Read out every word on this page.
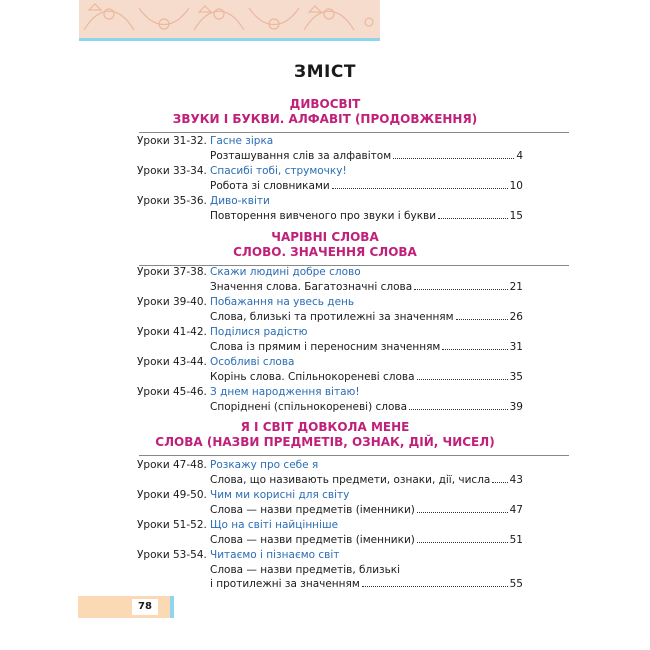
ЗМІСТ
ДИВОСВІТ
ЗВУКИ І БУКВИ. АЛФАВІТ (ПРОДОВЖЕННЯ)
Уроки 31-32. Гасне зірка
Розташування слів за алфавітом	4
Уроки 33-34. Спасибі тобі, струмочку!
Робота зі словниками	10
Уроки 35-36. Диво-квіти
Повторення вивченого про звуки і букви	15
ЧАРІВНІ СЛОВА
СЛОВО. ЗНАЧЕННЯ СЛОВА
Уроки 37-38. Скажи людині добре слово
Значення слова. Багатозначні слова	21
Уроки 39-40. Побажання на увесь день
Слова, близькі та протилежні за значенням	26
Уроки 41-42. Поділися радістю
Слова із прямим і переносним значенням	31
Уроки 43-44. Особливі слова
Корінь слова. Спільнокореневі слова	35
Уроки 45-46. З днем народження вітаю!
Споріднені (спільнокореневі) слова	39
Я І СВІТ ДОВКОЛА МЕНЕ
СЛОВА (НАЗВИ ПРЕДМЕТІВ, ОЗНАК, ДІЙ, ЧИСЕЛ)
Уроки 47-48. Розкажу про себе я
Слова, що називають предмети, ознаки, дії, числа 43
Уроки 49-50. Чим ми корисні для світу
Слова — назви предметів (іменники)	47
Уроки 51-52. Що на світі найцінніше
Слова — назви предметів (іменники)	51
Уроки 53-54. Читаємо і пізнаємо світ
Слова — назви предметів, близькі
і протилежні за значенням	55
78
